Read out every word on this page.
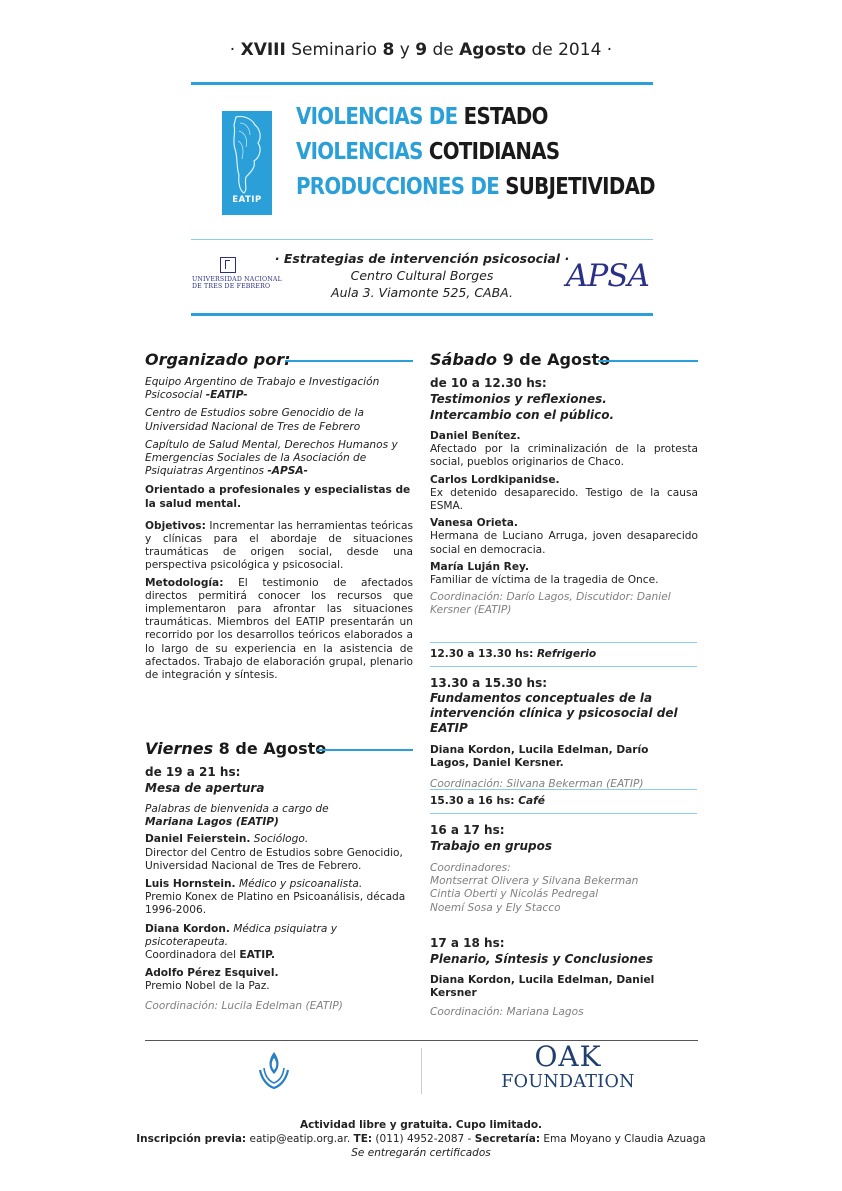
· XVIII Seminario 8 y 9 de Agosto de 2014 ·
EATIP
VIOLENCIAS DE ESTADO
VIOLENCIAS COTIDIANAS
PRODUCCIONES DE SUBJETIVIDAD
· Estrategias de intervención psicosocial ·
Centro Cultural Borges
Aula 3. Viamonte 525, CABA.
UNIVERSIDAD NACIONAL
DE TRES DE FEBRERO	APSA
Organizado por:
Equipo Argentino de Trabajo e Investigación Psicosocial -EATIP-
Centro de Estudios sobre Genocidio de la Universidad Nacional de Tres de Febrero
Capítulo de Salud Mental, Derechos Humanos y Emergencias Sociales de la Asociación de Psiquiatras Argentinos -APSA-
Orientado a profesionales y especialistas de la salud mental.
Objetivos: Incrementar las herramientas teóricas y clínicas para el abordaje de situaciones traumáticas de origen social, desde una perspectiva psicológica y psicosocial.
Metodología: El testimonio de afectados directos permitirá conocer los recursos que implementaron para afrontar las situaciones traumáticas. Miembros del EATIP presentarán un recorrido por los desarrollos teóricos elaborados a lo largo de su experiencia en la asistencia de afectados. Trabajo de elaboración grupal, plenario de integración y síntesis.
Viernes 8 de Agosto
de 19 a 21 hs:
Mesa de apertura
Palabras de bienvenida a cargo de
Mariana Lagos (EATIP)
Daniel Feierstein. Sociólogo.
Director del Centro de Estudios sobre Genocidio, Universidad Nacional de Tres de Febrero.
Luis Hornstein. Médico y psicoanalista.
Premio Konex de Platino en Psicoanálisis, década 1996-2006.
Diana Kordon. Médica psiquiatra y psicoterapeuta.
Coordinadora del EATIP.
Adolfo Pérez Esquivel.
Premio Nobel de la Paz.
Coordinación: Lucila Edelman (EATIP)
Sábado 9 de Agosto
de 10 a 12.30 hs:
Testimonios y reflexiones. Intercambio con el público.
Daniel Benítez.
Afectado por la criminalización de la protesta social, pueblos originarios de Chaco.
Carlos Lordkipanidse.
Ex detenido desaparecido. Testigo de la causa ESMA.
Vanesa Orieta.
Hermana de Luciano Arruga, joven desaparecido social en democracia.
María Luján Rey.
Familiar de víctima de la tragedia de Once.
Coordinación: Darío Lagos, Discutidor: Daniel Kersner (EATIP)
12.30 a 13.30 hs: Refrigerio
13.30 a 15.30 hs:
Fundamentos conceptuales de la intervención clínica y psicosocial del EATIP
Diana Kordon, Lucila Edelman, Darío Lagos, Daniel Kersner.
Coordinación: Silvana Bekerman (EATIP)
15.30 a 16 hs: Café
16 a 17 hs:
Trabajo en grupos
Coordinadores:
Montserrat Olivera y Silvana Bekerman
Cintia Oberti y Nicolás Pedregal
Noemí Sosa y Ely Stacco
17 a 18 hs:
Plenario, Síntesis y Conclusiones
Diana Kordon, Lucila Edelman, Daniel Kersner
Coordinación: Mariana Lagos
OAK
FOUNDATION
Actividad libre y gratuita. Cupo limitado.
Inscripción previa: eatip@eatip.org.ar. TE: (011) 4952-2087 - Secretaría: Ema Moyano y Claudia Azuaga
Se entregarán certificados
